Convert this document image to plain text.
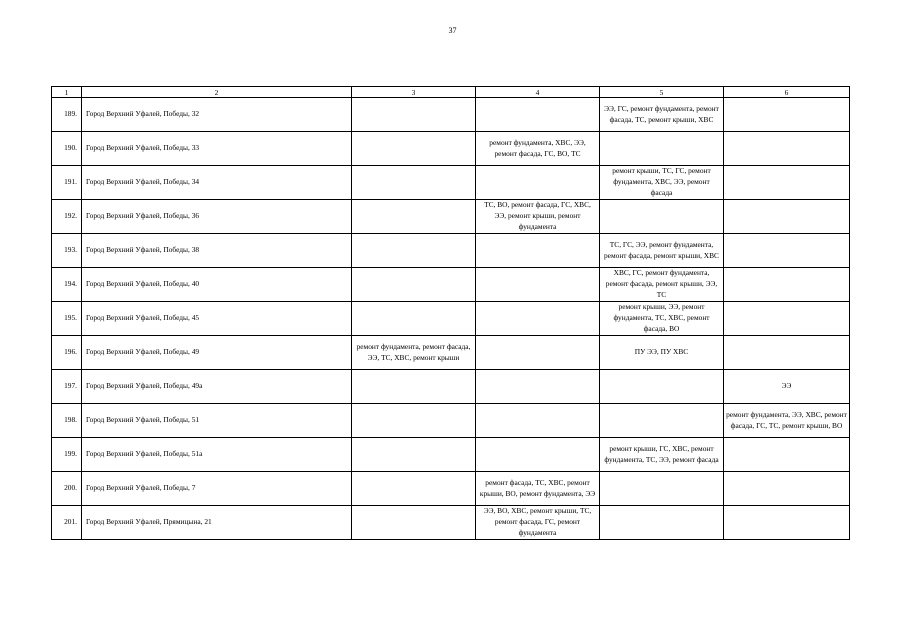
37
1	2	3	4	5	6
189.	Город Верхний Уфалей, Победы, 32			ЭЭ, ГС, ремонт фундамента, ремонт фасада, ТС, ремонт крыши, ХВС	
190.	Город Верхний Уфалей, Победы, 33		ремонт фундамента, ХВС, ЭЭ, ремонт фасада, ГС, ВО, ТС		
191.	Город Верхний Уфалей, Победы, 34			ремонт крыши, ТС, ГС, ремонт фундамента, ХВС, ЭЭ, ремонт фасада	
192.	Город Верхний Уфалей, Победы, 36		ТС, ВО, ремонт фасада, ГС, ХВС, ЭЭ, ремонт крыши, ремонт фундамента		
193.	Город Верхний Уфалей, Победы, 38			ТС, ГС, ЭЭ, ремонт фундамента, ремонт фасада, ремонт крыши, ХВС	
194.	Город Верхний Уфалей, Победы, 40			ХВС, ГС, ремонт фундамента, ремонт фасада, ремонт крыши, ЭЭ, ТС	
195.	Город Верхний Уфалей, Победы, 45			ремонт крыши, ЭЭ, ремонт фундамента, ТС, ХВС, ремонт фасада, ВО	
196.	Город Верхний Уфалей, Победы, 49	ремонт фундамента, ремонт фасада, ЭЭ, ТС, ХВС, ремонт крыши		ПУ ЭЭ, ПУ ХВС	
197.	Город Верхний Уфалей, Победы, 49а				ЭЭ
198.	Город Верхний Уфалей, Победы, 51				ремонт фундамента, ЭЭ, ХВС, ремонт фасада, ГС, ТС, ремонт крыши, ВО
199.	Город Верхний Уфалей, Победы, 51а			ремонт крыши, ГС, ХВС, ремонт фундамента, ТС, ЭЭ, ремонт фасада	
200.	Город Верхний Уфалей, Победы, 7		ремонт фасада, ТС, ХВС, ремонт крыши, ВО, ремонт фундамента, ЭЭ		
201.	Город Верхний Уфалей, Прямицына, 21		ЭЭ, ВО, ХВС, ремонт крыши, ТС, ремонт фасада, ГС, ремонт фундамента		
